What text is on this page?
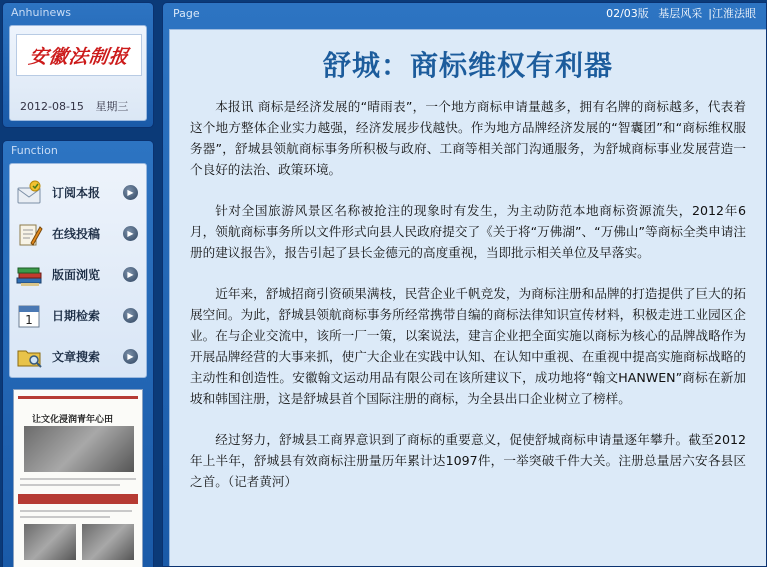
Anhuinews
安徽法制报
2012-08-15 星期三
Function
订阅本报	▶
在线投稿	▶
版面浏览	▶
1	日期检索	▶
文章搜索	▶
让文化浸润青年心田
Page	02/03版 基层风采 |江淮法眼
舒城：商标维权有利器

本报讯 商标是经济发展的“晴雨表”，一个地方商标申请量越多，拥有名牌的商标越多，代表着这个地方整体企业实力越强，经济发展步伐越快。作为地方品牌经济发展的“智囊团”和“商标维权服务器”，舒城县领航商标事务所积极与政府、工商等相关部门沟通服务，为舒城商标事业发展营造一个良好的法治、政策环境。

针对全国旅游风景区名称被抢注的现象时有发生，为主动防范本地商标资源流失，2012年6月，领航商标事务所以文件形式向县人民政府提交了《关于将“万佛湖”、“万佛山”等商标全类申请注册的建议报告》，报告引起了县长金德元的高度重视，当即批示相关单位及早落实。

近年来，舒城招商引资硕果满枝，民营企业千帆竞发，为商标注册和品牌的打造提供了巨大的拓展空间。为此，舒城县领航商标事务所经常携带自编的商标法律知识宣传材料，积极走进工业园区企业。在与企业交流中，该所一厂一策，以案说法，建言企业把全面实施以商标为核心的品牌战略作为开展品牌经营的大事来抓，使广大企业在实践中认知、在认知中重视、在重视中提高实施商标战略的主动性和创造性。安徽翰文运动用品有限公司在该所建议下，成功地将“翰文HANWEN”商标在新加坡和韩国注册，这是舒城县首个国际注册的商标，为全县出口企业树立了榜样。

经过努力，舒城县工商界意识到了商标的重要意义，促使舒城商标申请量逐年攀升。截至2012年上半年，舒城县有效商标注册量历年累计达1097件，一举突破千件大关。注册总量居六安各县区之首。（记者黄河）
